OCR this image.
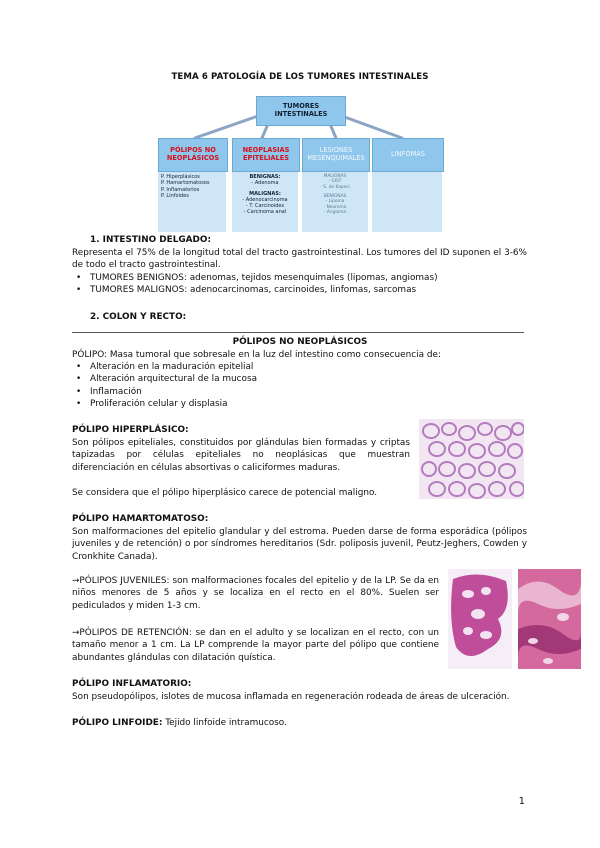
TEMA 6 PATOLOGÍA DE LOS TUMORES INTESTINALES
TUMORES INTESTINALES
PÓLIPOS NO NEOPLÁSICOS
NEOPLASIAS EPITELIALES
LESIONES MESENQUIMALES	LINFOMAS
P. Hiperplásicos
P. Hamartomatosos
P. Inflamatorios
P. Linfoides
BENIGNAS:
- Adenoma
MALIGNAS:
- Adenocarcinoma
- T. Carcinoides
- Carcinoma anal
MALIGNAS
- GIST
- S. de Kaposi
BENIGNAS
- Lipoma
- Neuroma
- Angioma
1. INTESTINO DELGADO:
Representa el 75% de la longitud total del tracto gastrointestinal. Los tumores del ID suponen el 3-6% de todo el tracto gastrointestinal.
• TUMORES BENIGNOS: adenomas, tejidos mesenquimales (lipomas, angiomas)
• TUMORES MALIGNOS: adenocarcinomas, carcinoides, linfomas, sarcomas
2. COLON Y RECTO:
PÓLIPOS NO NEOPLÁSICOS
PÓLIPO: Masa tumoral que sobresale en la luz del intestino como consecuencia de:
• Alteración en la maduración epitelial
• Alteración arquitectural de la mucosa
• Inflamación
• Proliferación celular y displasia
PÓLIPO HIPERPLÁSICO:
Son pólipos epiteliales, constituidos por glándulas bien formadas y criptas tapizadas por células epiteliales no neoplásicas que muestran diferenciación en células absortivas o caliciformes maduras.
Se considera que el pólipo hiperplásico carece de potencial maligno.
PÓLIPO HAMARTOMATOSO:
Son malformaciones del epitelio glandular y del estroma. Pueden darse de forma esporádica (pólipos juveniles y de retención) o por síndromes hereditarios (Sdr. poliposis juvenil, Peutz-Jeghers, Cowden y Cronkhite Canada).
→PÓLIPOS JUVENILES: son malformaciones focales del epitelio y de la LP. Se da en niños menores de 5 años y se localiza en el recto en el 80%. Suelen ser pediculados y miden 1-3 cm.
→PÓLIPOS DE RETENCIÓN: se dan en el adulto y se localizan en el recto, con un tamaño menor a 1 cm. La LP comprende la mayor parte del pólipo que contiene abundantes glándulas con dilatación quística.
PÓLIPO INFLAMATORIO:
Son pseudopólipos, islotes de mucosa inflamada en regeneración rodeada de áreas de ulceración.
PÓLIPO LINFOIDE: Tejido linfoide intramucoso.
1
